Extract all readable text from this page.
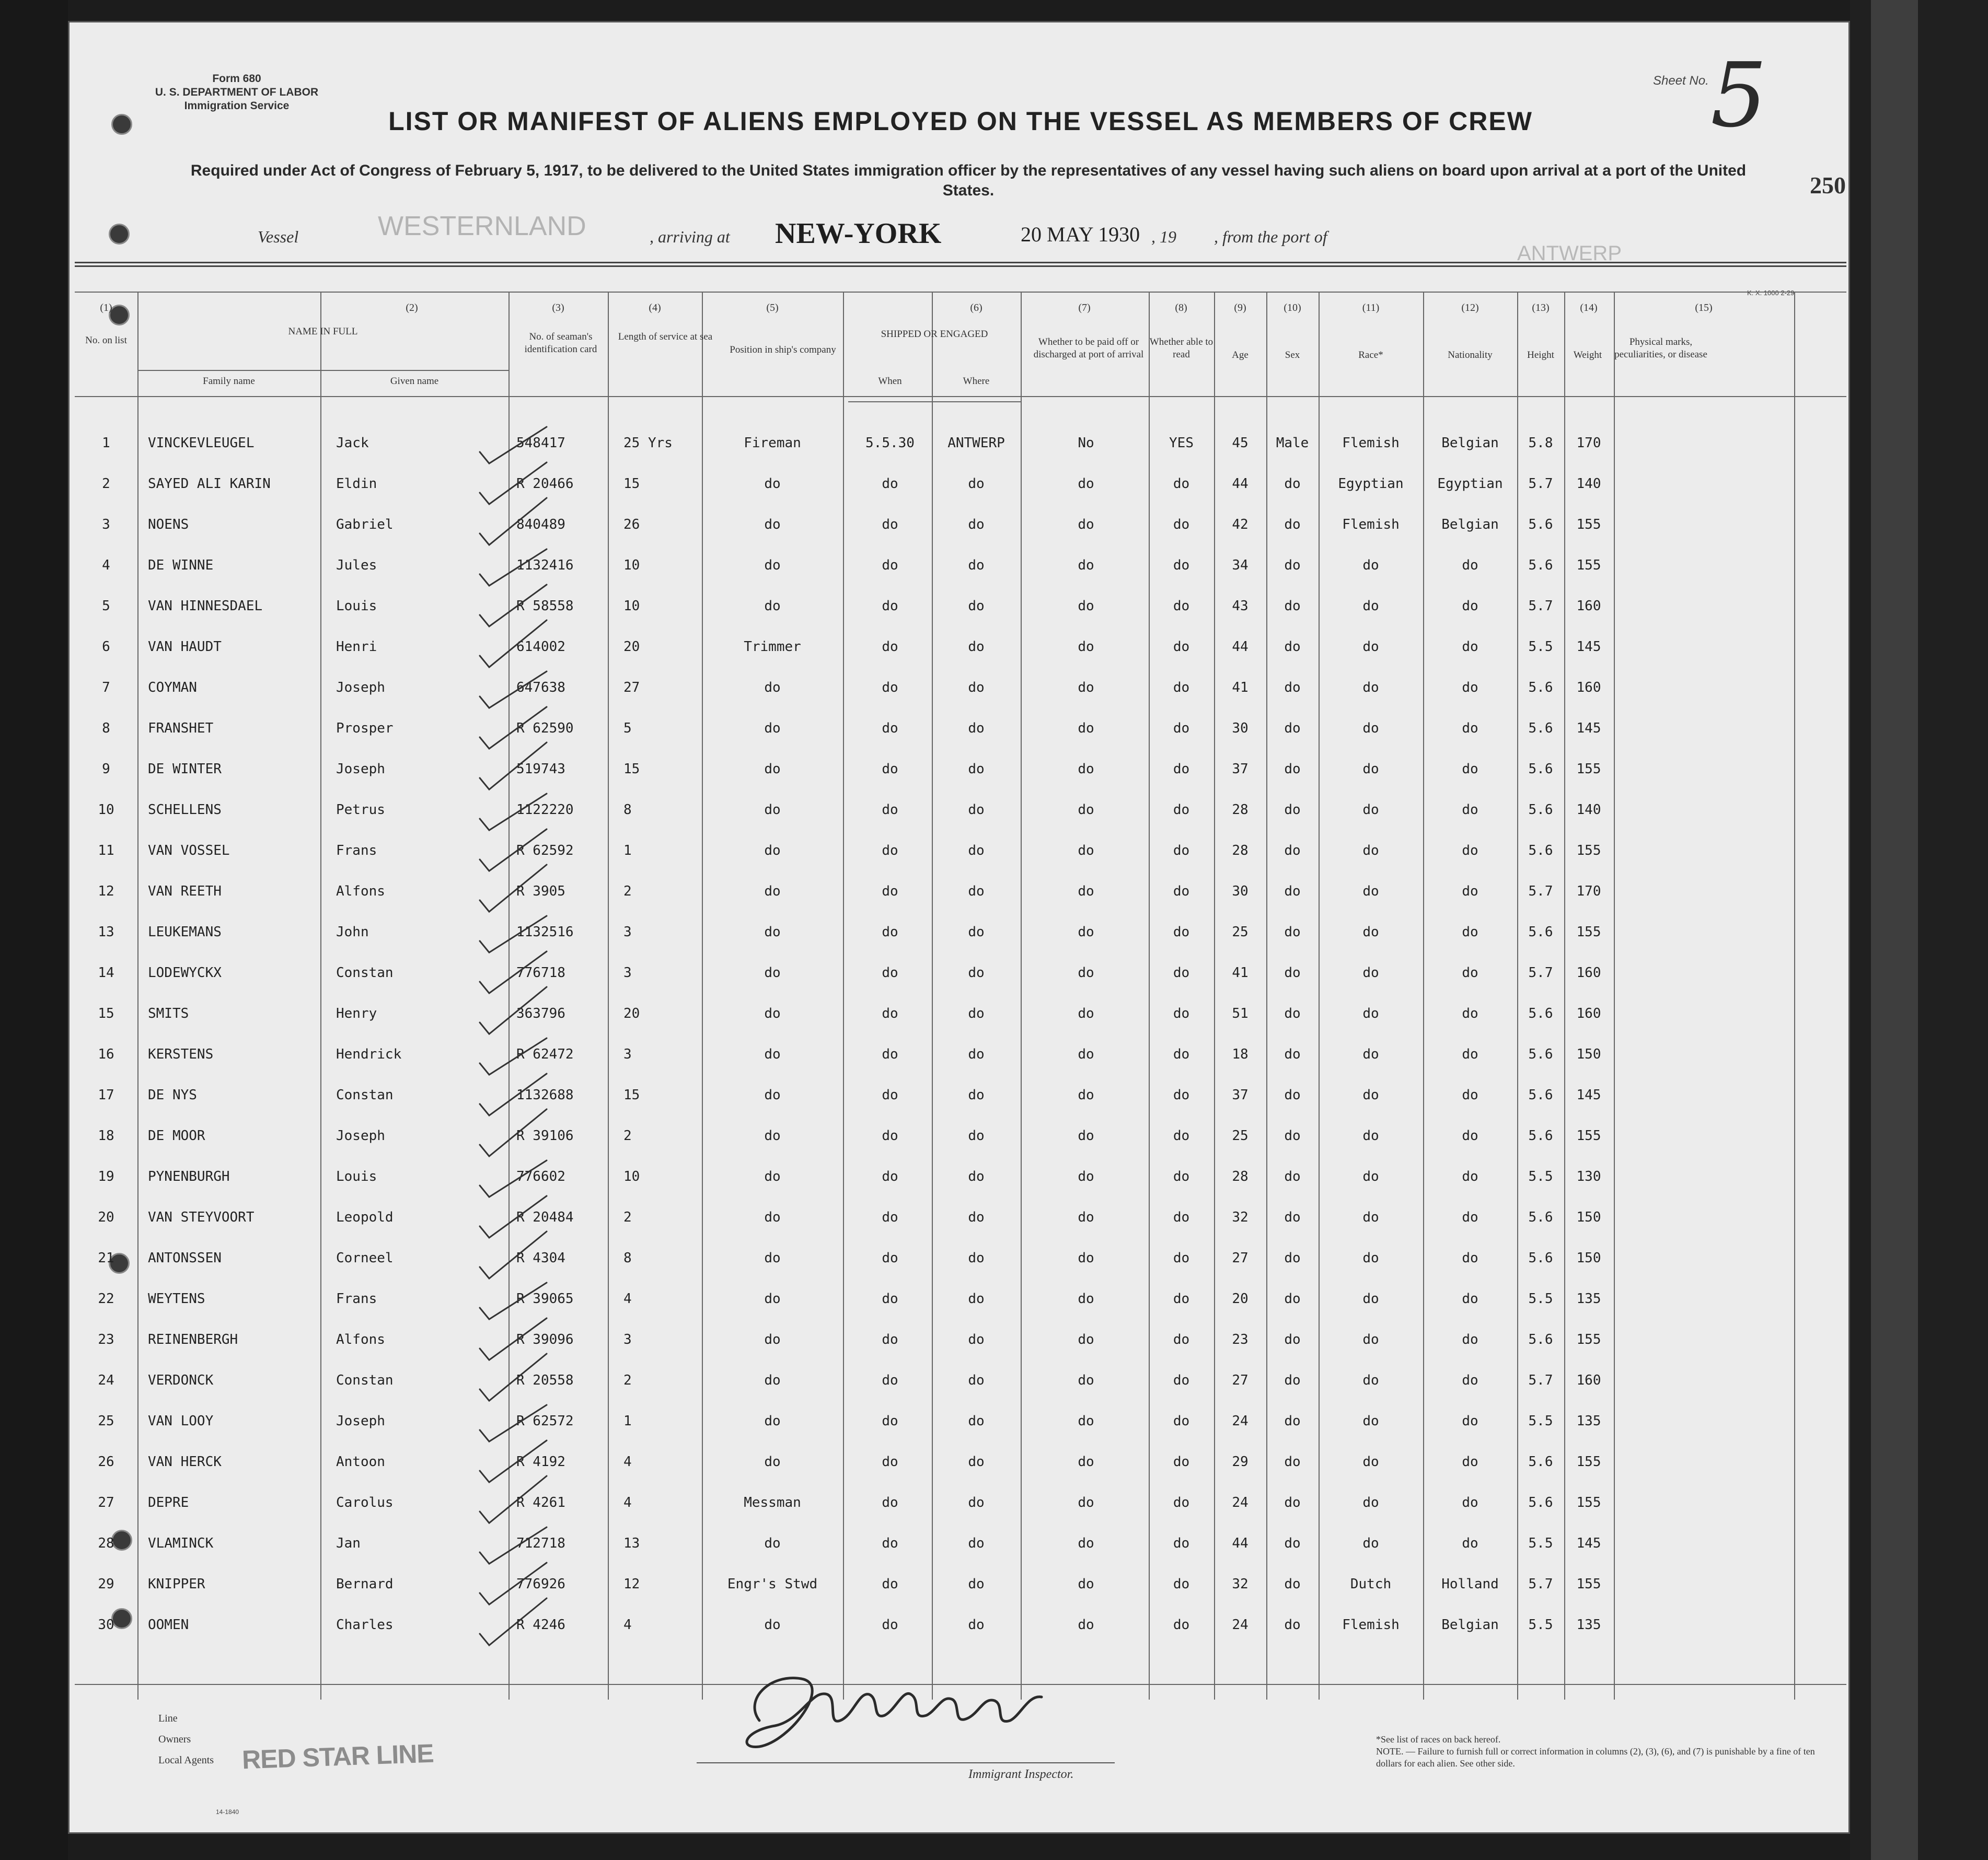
Form 680
U. S. DEPARTMENT OF LABOR
Immigration Service
Sheet No. 5
LIST OR MANIFEST OF ALIENS EMPLOYED ON THE VESSEL AS MEMBERS OF CREW
Required under Act of Congress of February 5, 1917, to be delivered to the United States immigration officer by the representatives of any vessel having such aliens on board upon arrival at a port of the United States.	250
Vessel	WESTERNLAND	, arriving at NEW-YORK	20 MAY 1930 , 19 , from the port of
ANTWERP
K. X. 1000 2-29
(1)	(2)	(3)	(4)	(5)	(6)	(7)	(8)	(9)	(10)	(11)	(12)	(13)	(14)	(15)
No. on list
NAME IN FULL
Family name	Given name
No. of seaman's identification card
Length of service at sea
Position in ship's company
SHIPPED OR ENGAGED
When	Where
Whether to be paid off or discharged at port of arrival
Whether able to read	Age	Sex	Race*	Nationality	Height	Weight
Physical marks, peculiarities, or disease
1	VINCKEVLEUGEL	Jack	548417	25 Yrs	Fireman	5.5.30	ANTWERP	No	YES	45	Male	Flemish	Belgian	5.8	170
2	SAYED ALI KARIN	Eldin	R 20466	15	do	do	do	do	do	44	do	Egyptian	Egyptian	5.7	140
3	NOENS	Gabriel	840489	26	do	do	do	do	do	42	do	Flemish	Belgian	5.6	155
4	DE WINNE	Jules	1132416	10	do	do	do	do	do	34	do	do	do	5.6	155
5	VAN HINNESDAEL	Louis	R 58558	10	do	do	do	do	do	43	do	do	do	5.7	160
6	VAN HAUDT	Henri	614002	20	Trimmer	do	do	do	do	44	do	do	do	5.5	145
7	COYMAN	Joseph	647638	27	do	do	do	do	do	41	do	do	do	5.6	160
8	FRANSHET	Prosper	R 62590	5	do	do	do	do	do	30	do	do	do	5.6	145
9	DE WINTER	Joseph	519743	15	do	do	do	do	do	37	do	do	do	5.6	155
10	SCHELLENS	Petrus	1122220	8	do	do	do	do	do	28	do	do	do	5.6	140
11	VAN VOSSEL	Frans	R 62592	1	do	do	do	do	do	28	do	do	do	5.6	155
12	VAN REETH	Alfons	R 3905	2	do	do	do	do	do	30	do	do	do	5.7	170
13	LEUKEMANS	John	1132516	3	do	do	do	do	do	25	do	do	do	5.6	155
14	LODEWYCKX	Constan	776718	3	do	do	do	do	do	41	do	do	do	5.7	160
15	SMITS	Henry	363796	20	do	do	do	do	do	51	do	do	do	5.6	160
16	KERSTENS	Hendrick	R 62472	3	do	do	do	do	do	18	do	do	do	5.6	150
17	DE NYS	Constan	1132688	15	do	do	do	do	do	37	do	do	do	5.6	145
18	DE MOOR	Joseph	R 39106	2	do	do	do	do	do	25	do	do	do	5.6	155
19	PYNENBURGH	Louis	776602	10	do	do	do	do	do	28	do	do	do	5.5	130
20	VAN STEYVOORT	Leopold	R 20484	2	do	do	do	do	do	32	do	do	do	5.6	150
21	ANTONSSEN	Corneel	R 4304	8	do	do	do	do	do	27	do	do	do	5.6	150
22	WEYTENS	Frans	R 39065	4	do	do	do	do	do	20	do	do	do	5.5	135
23	REINENBERGH	Alfons	R 39096	3	do	do	do	do	do	23	do	do	do	5.6	155
24	VERDONCK	Constan	R 20558	2	do	do	do	do	do	27	do	do	do	5.7	160
25	VAN LOOY	Joseph	R 62572	1	do	do	do	do	do	24	do	do	do	5.5	135
26	VAN HERCK	Antoon	R 4192	4	do	do	do	do	do	29	do	do	do	5.6	155
27	DEPRE	Carolus	R 4261	4	Messman	do	do	do	do	24	do	do	do	5.6	155
28	VLAMINCK	Jan	712718	13	do	do	do	do	do	44	do	do	do	5.5	145
29	KNIPPER	Bernard	776926	12	Engr's Stwd	do	do	do	do	32	do	Dutch	Holland	5.7	155
30	OOMEN	Charles	R 4246	4	do	do	do	do	do	24	do	Flemish	Belgian	5.5	135
Line
Owners
Local Agents RED STAR LINE
14-1840
Immigrant Inspector.
*See list of races on back hereof.
NOTE. — Failure to furnish full or correct information in columns (2), (3), (6), and (7) is punishable by a fine of ten dollars for each alien. See other side.
